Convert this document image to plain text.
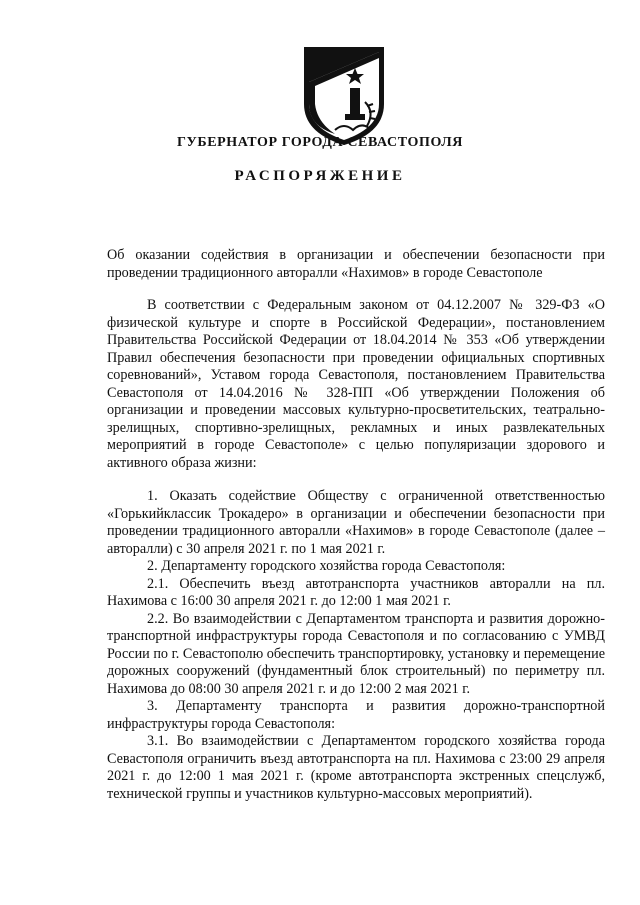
ГУБЕРНАТОР ГОРОДА СЕВАСТОПОЛЯ
РАСПОРЯЖЕНИЕ

Об оказании содействия в организации и обеспечении безопасности при

проведении традиционного авторалли «Нахимов» в городе Севастополе

В соответствии с Федеральным законом от 04.12.2007 № 329-ФЗ «О физической культуре и спорте в Российской Федерации», постановлением Правительства Российской Федерации от 18.04.2014 № 353 «Об утверждении Правил обеспечения безопасности при проведении официальных спортивных соревнований», Уставом города Севастополя, постановлением Правительства Севастополя от 14.04.2016 № 328-ПП «Об утверждении Положения об организации и проведении массовых культурно-просветительских, театрально-зрелищных, спортивно-зрелищных, рекламных и иных развлекательных мероприятий в городе Севастополе» с целью популяризации здорового и активного образа жизни:

1. Оказать содействие Обществу с ограниченной ответственностью «Горькийклассик Трокадеро» в организации и обеспечении безопасности при проведении традиционного авторалли «Нахимов» в городе Севастополе (далее – авторалли) с 30 апреля 2021 г. по 1 мая 2021 г.

2. Департаменту городского хозяйства города Севастополя:

2.1. Обеспечить въезд автотранспорта участников авторалли на пл. Нахимова с 16:00 30 апреля 2021 г. до 12:00 1 мая 2021 г.

2.2. Во взаимодействии с Департаментом транспорта и развития дорожно-транспортной инфраструктуры города Севастополя и по согласованию с УМВД России по г. Севастополю обеспечить транспортировку, установку и перемещение дорожных сооружений (фундаментный блок строительный) по периметру пл. Нахимова до 08:00 30 апреля 2021 г. и до 12:00 2 мая 2021 г.

3. Департаменту транспорта и развития дорожно-транспортной инфраструктуры города Севастополя:

3.1. Во взаимодействии с Департаментом городского хозяйства города Севастополя ограничить въезд автотранспорта на пл. Нахимова с 23:00 29 апреля 2021 г. до 12:00 1 мая 2021 г. (кроме автотранспорта экстренных спецслужб, технической группы и участников культурно-массовых мероприятий).
